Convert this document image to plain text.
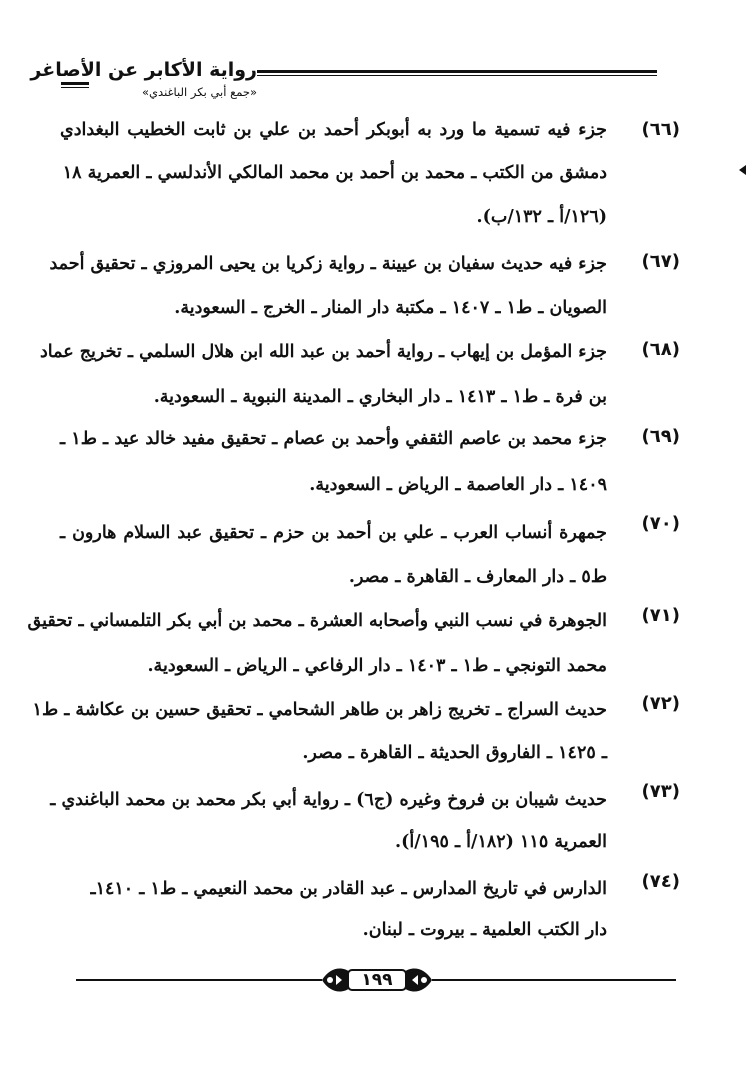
رواية الأكابر عن الأصاغر
«جمع أبي بكر الباغندي»
(٦٦)
جزء فيه تسمية ما ورد به أبوبكر أحمد بن علي بن ثابت الخطيب البغدادي
دمشق من الكتب ـ محمد بن أحمد بن محمد المالكي الأندلسي ـ العمرية ١٨
(١٢٦/أ ـ ١٣٢/ب).
(٦٧)
جزء فيه حديث سفيان بن عيينة ـ رواية زكريا بن يحيى المروزي ـ تحقيق أحمد
الصويان ـ ط١ ـ ١٤٠٧ ـ مكتبة دار المنار ـ الخرج ـ السعودية.
(٦٨)
جزء المؤمل بن إيهاب ـ رواية أحمد بن عبد الله ابن هلال السلمي ـ تخريج عماد
بن فرة ـ ط١ ـ ١٤١٣ ـ دار البخاري ـ المدينة النبوية ـ السعودية.
(٦٩)
جزء محمد بن عاصم الثقفي وأحمد بن عصام ـ تحقيق مفيد خالد عيد ـ ط١ ـ
١٤٠٩ ـ دار العاصمة ـ الرياض ـ السعودية.
(٧٠)
جمهرة أنساب العرب ـ علي بن أحمد بن حزم ـ تحقيق عبد السلام هارون ـ
ط٥ ـ دار المعارف ـ القاهرة ـ مصر.
(٧١)
الجوهرة في نسب النبي وأصحابه العشرة ـ محمد بن أبي بكر التلمساني ـ تحقيق
محمد التونجي ـ ط١ ـ ١٤٠٣ ـ دار الرفاعي ـ الرياض ـ السعودية.
(٧٢)
حديث السراج ـ تخريج زاهر بن طاهر الشحامي ـ تحقيق حسين بن عكاشة ـ ط١
ـ ١٤٢٥ ـ الفاروق الحديثة ـ القاهرة ـ مصر.
(٧٣)
حديث شيبان بن فروخ وغيره (ج٦) ـ رواية أبي بكر محمد بن محمد الباغندي ـ
العمرية ١١٥ (١٨٢/أ ـ ١٩٥/أ).
(٧٤)
الدارس في تاريخ المدارس ـ عبد القادر بن محمد النعيمي ـ ط١ ـ ١٤١٠ـ
دار الكتب العلمية ـ بيروت ـ لبنان.
١٩٩
